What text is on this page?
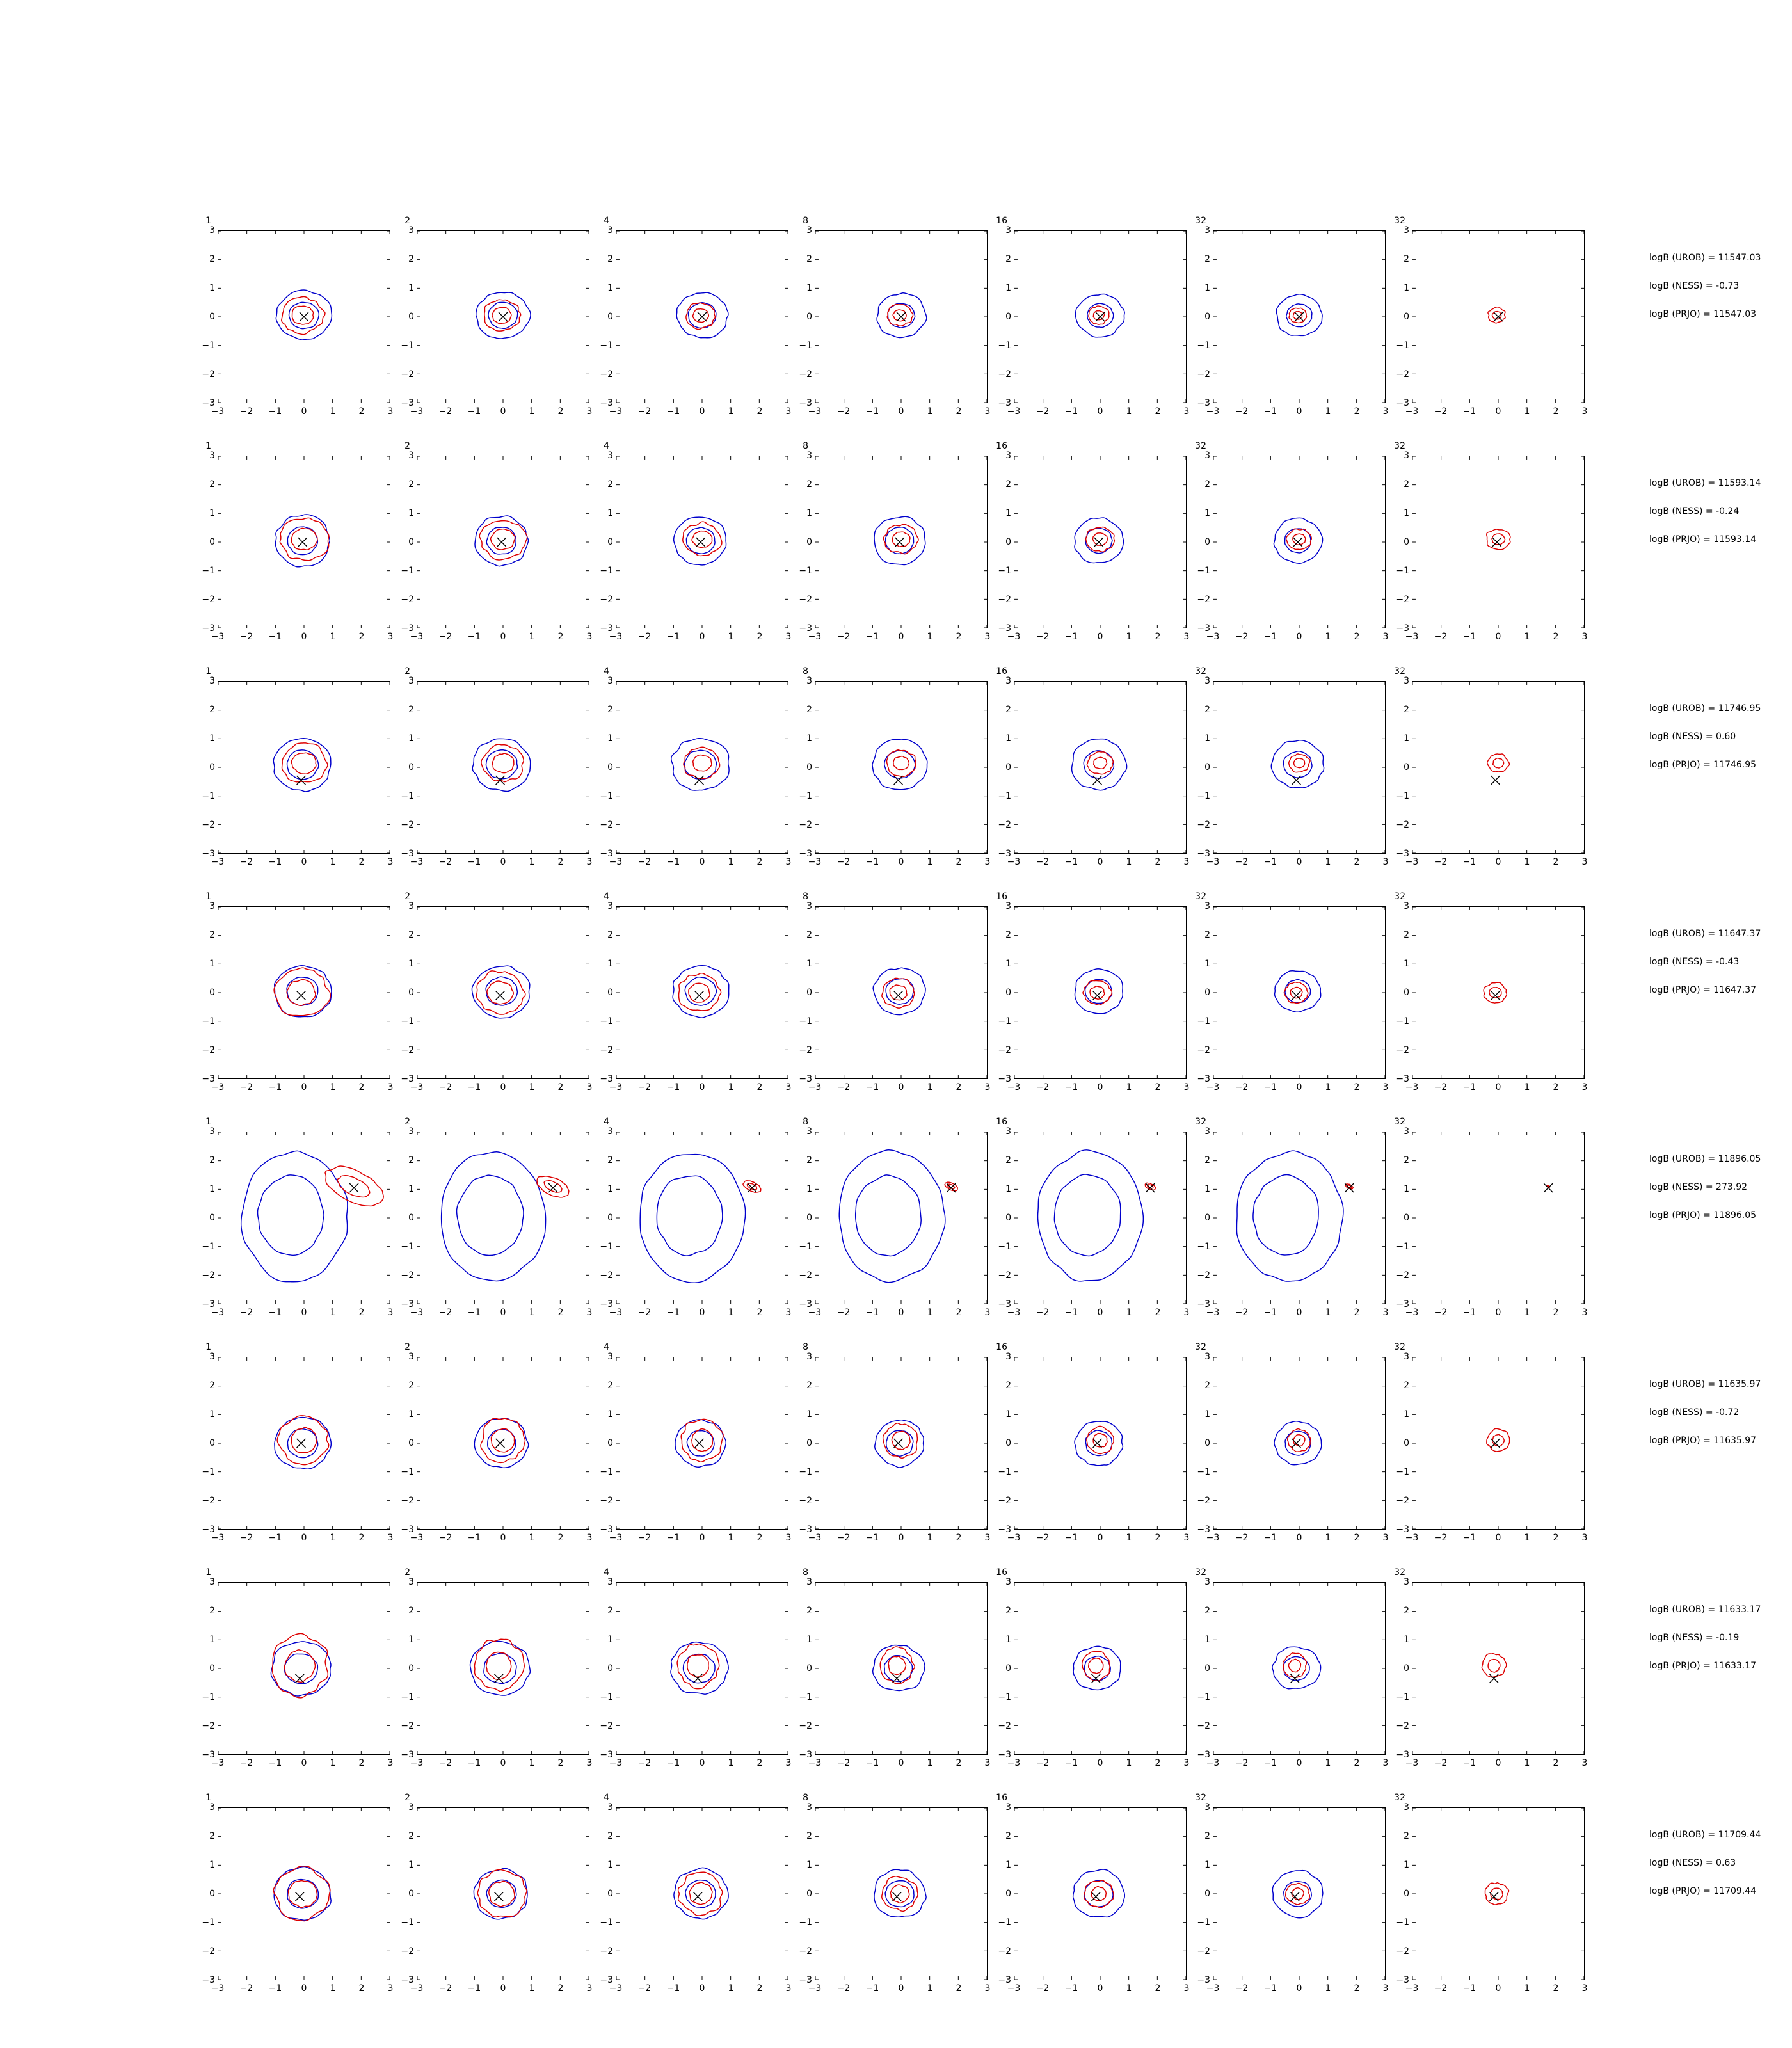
−3
−2
−1
0
1
2
3
−3 −2 −1 0	1	2	3
1
−3
−2
−1
0
1
2
3
−3 −2 −1 0	1	2	3
2
−3
−2
−1
0
1
2
3
−3 −2 −1 0	1	2	3
4
−3
−2
−1
0
1
2
3
−3 −2 −1 0	1	2	3
8
−3
−2
−1
0
1
2
3
−3 −2 −1 0	1	2	3
16
−3
−2
−1
0
1
2
3
−3 −2 −1 0	1	2	3
32
−3
−2
−1
0
1
2
3
−3 −2 −1 0	1	2	3
32
logB (UROB) = 11547.03
logB (NESS) = -0.73
logB (PRJO) = 11547.03
−3
−2
−1
0
1
2
3
−3 −2 −1 0	1	2	3
1
−3
−2
−1
0
1
2
3
−3 −2 −1 0	1	2	3
2
−3
−2
−1
0
1
2
3
−3 −2 −1 0	1	2	3
4
−3
−2
−1
0
1
2
3
−3 −2 −1 0	1	2	3
8
−3
−2
−1
0
1
2
3
−3 −2 −1 0	1	2	3
16
−3
−2
−1
0
1
2
3
−3 −2 −1 0	1	2	3
32
−3
−2
−1
0
1
2
3
−3 −2 −1 0	1	2	3
32
logB (UROB) = 11593.14
logB (NESS) = -0.24
logB (PRJO) = 11593.14
−3
−2
−1
0
1
2
3
−3 −2 −1 0	1	2	3
1
−3
−2
−1
0
1
2
3
−3 −2 −1 0	1	2	3
2
−3
−2
−1
0
1
2
3
−3 −2 −1 0	1	2	3
4
−3
−2
−1
0
1
2
3
−3 −2 −1 0	1	2	3
8
−3
−2
−1
0
1
2
3
−3 −2 −1 0	1	2	3
16
−3
−2
−1
0
1
2
3
−3 −2 −1 0	1	2	3
32
−3
−2
−1
0
1
2
3
−3 −2 −1 0	1	2	3
32
logB (UROB) = 11746.95
logB (NESS) = 0.60
logB (PRJO) = 11746.95
−3
−2
−1
0
1
2
3
−3 −2 −1 0	1	2	3
1
−3
−2
−1
0
1
2
3
−3 −2 −1 0	1	2	3
2
−3
−2
−1
0
1
2
3
−3 −2 −1 0	1	2	3
4
−3
−2
−1
0
1
2
3
−3 −2 −1 0	1	2	3
8
−3
−2
−1
0
1
2
3
−3 −2 −1 0	1	2	3
16
−3
−2
−1
0
1
2
3
−3 −2 −1 0	1	2	3
32
−3
−2
−1
0
1
2
3
−3 −2 −1 0	1	2	3
32
logB (UROB) = 11647.37
logB (NESS) = -0.43
logB (PRJO) = 11647.37
−3
−2
−1
0
1
2
3
−3 −2 −1 0	1	2	3
1
−3
−2
−1
0
1
2
3
−3 −2 −1 0	1	2	3
2
−3
−2
−1
0
1
2
3
−3 −2 −1 0	1	2	3
4
−3
−2
−1
0
1
2
3
−3 −2 −1 0	1	2	3
8
−3
−2
−1
0
1
2
3
−3 −2 −1 0	1	2	3
16
−3
−2
−1
0
1
2
3
−3 −2 −1 0	1	2	3
32
−3
−2
−1
0
1
2
3
−3 −2 −1 0	1	2	3
32
logB (UROB) = 11896.05
logB (NESS) = 273.92
logB (PRJO) = 11896.05
−3
−2
−1
0
1
2
3
−3 −2 −1 0	1	2	3
1
−3
−2
−1
0
1
2
3
−3 −2 −1 0	1	2	3
2
−3
−2
−1
0
1
2
3
−3 −2 −1 0	1	2	3
4
−3
−2
−1
0
1
2
3
−3 −2 −1 0	1	2	3
8
−3
−2
−1
0
1
2
3
−3 −2 −1 0	1	2	3
16
−3
−2
−1
0
1
2
3
−3 −2 −1 0	1	2	3
32
−3
−2
−1
0
1
2
3
−3 −2 −1 0	1	2	3
32
logB (UROB) = 11635.97
logB (NESS) = -0.72
logB (PRJO) = 11635.97
−3
−2
−1
0
1
2
3
−3 −2 −1 0	1	2	3
1
−3
−2
−1
0
1
2
3
−3 −2 −1 0	1	2	3
2
−3
−2
−1
0
1
2
3
−3 −2 −1 0	1	2	3
4
−3
−2
−1
0
1
2
3
−3 −2 −1 0	1	2	3
8
−3
−2
−1
0
1
2
3
−3 −2 −1 0	1	2	3
16
−3
−2
−1
0
1
2
3
−3 −2 −1 0	1	2	3
32
−3
−2
−1
0
1
2
3
−3 −2 −1 0	1	2	3
32
logB (UROB) = 11633.17
logB (NESS) = -0.19
logB (PRJO) = 11633.17
−3
−2
−1
0
1
2
3
−3 −2 −1 0	1	2	3
1
−3
−2
−1
0
1
2
3
−3 −2 −1 0	1	2	3
2
−3
−2
−1
0
1
2
3
−3 −2 −1 0	1	2	3
4
−3
−2
−1
0
1
2
3
−3 −2 −1 0	1	2	3
8
−3
−2
−1
0
1
2
3
−3 −2 −1 0	1	2	3
16
−3
−2
−1
0
1
2
3
−3 −2 −1 0	1	2	3
32
−3
−2
−1
0
1
2
3
−3 −2 −1 0	1	2	3
32
logB (UROB) = 11709.44
logB (NESS) = 0.63
logB (PRJO) = 11709.44
